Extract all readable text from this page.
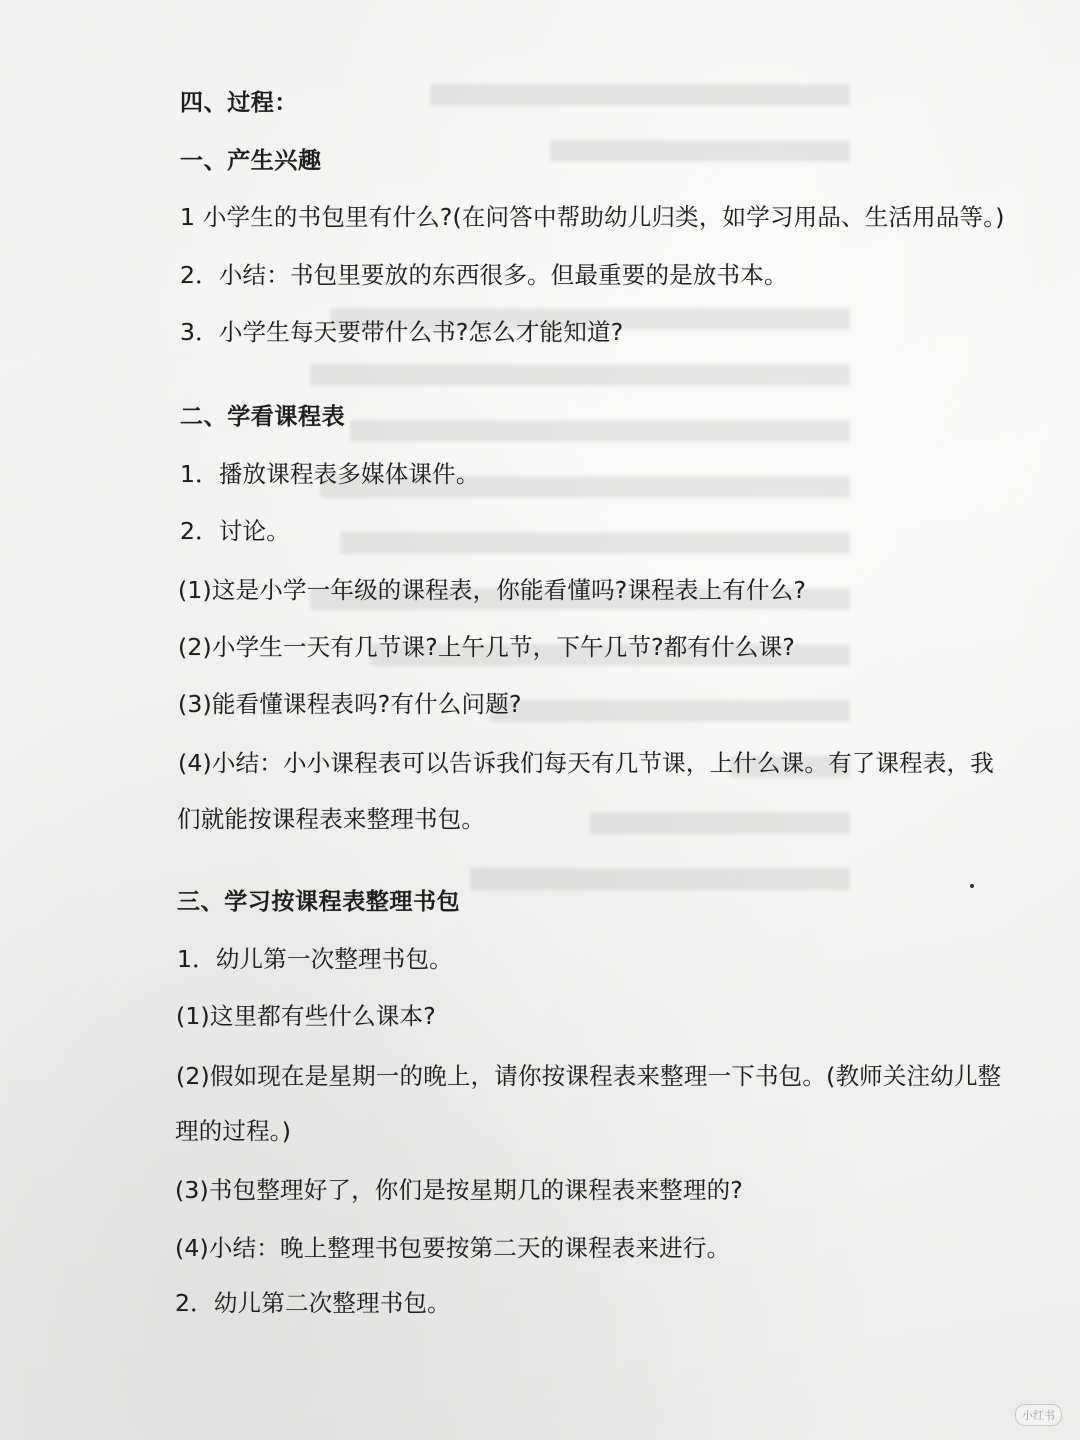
四、过程：
一、产生兴趣
1 小学生的书包里有什么?(在问答中帮助幼儿归类，如学习用品、生活用品等。)
2．小结：书包里要放的东西很多。但最重要的是放书本。
3．小学生每天要带什么书?怎么才能知道?
二、学看课程表
1．播放课程表多媒体课件。
2．讨论。
(1)这是小学一年级的课程表，你能看懂吗?课程表上有什么?
(2)小学生一天有几节课?上午几节，下午几节?都有什么课?
(3)能看懂课程表吗?有什么问题?
(4)小结：小小课程表可以告诉我们每天有几节课，上什么课。有了课程表，我
们就能按课程表来整理书包。
三、学习按课程表整理书包
1．幼儿第一次整理书包。
(1)这里都有些什么课本?
(2)假如现在是星期一的晚上，请你按课程表来整理一下书包。(教师关注幼儿整
理的过程。)
(3)书包整理好了，你们是按星期几的课程表来整理的?
(4)小结：晚上整理书包要按第二天的课程表来进行。
2．幼儿第二次整理书包。
小红书
